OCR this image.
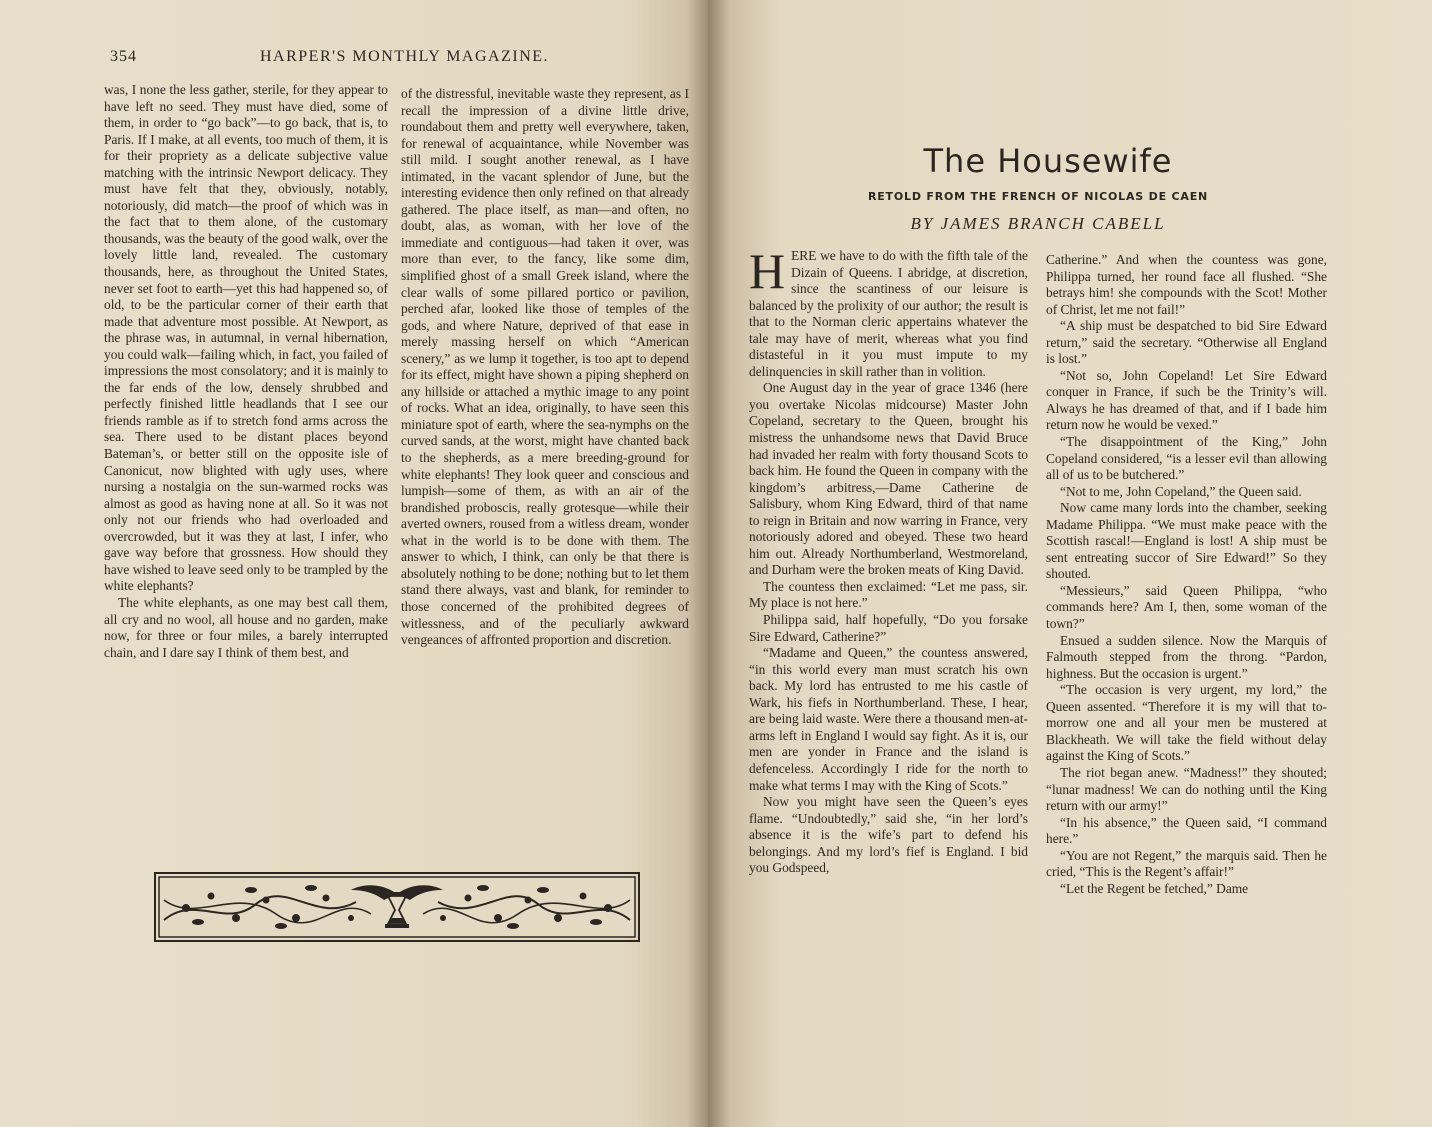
354	HARPER'S MONTHLY MAGAZINE.

was, I none the less gather, sterile, for they appear to have left no seed. They must have died, some of them, in order to “go back”—to go back, that is, to Paris. If I make, at all events, too much of them, it is for their propriety as a delicate subjective value matching with the intrinsic Newport delicacy. They must have felt that they, obviously, notably, notoriously, did match—the proof of which was in the fact that to them alone, of the customary thousands, was the beauty of the good walk, over the lovely little land, revealed. The customary thousands, here, as throughout the United States, never set foot to earth—yet this had happened so, of old, to be the particular corner of their earth that made that adventure most possible. At Newport, as the phrase was, in autumnal, in vernal hibernation, you could walk—failing which, in fact, you failed of impressions the most consolatory; and it is mainly to the far ends of the low, densely shrubbed and perfectly finished little headlands that I see our friends ramble as if to stretch fond arms across the sea. There used to be distant places beyond Bateman’s, or better still on the opposite isle of Canonicut, now blighted with ugly uses, where nursing a nostalgia on the sun-warmed rocks was almost as good as having none at all. So it was not only not our friends who had overloaded and overcrowded, but it was they at last, I infer, who gave way before that grossness. How should they have wished to leave seed only to be trampled by the white elephants?

The white elephants, as one may best call them, all cry and no wool, all house and no garden, make now, for three or four miles, a barely interrupted chain, and I dare say I think of them best, and

of the distressful, inevitable waste they represent, as I recall the impression of a divine little drive, roundabout them and pretty well everywhere, taken, for renewal of acquaintance, while November was still mild. I sought another renewal, as I have intimated, in the vacant splendor of June, but the interesting evidence then only refined on that already gathered. The place itself, as man—and often, no doubt, alas, as woman, with her love of the immediate and contiguous—had taken it over, was more than ever, to the fancy, like some dim, simplified ghost of a small Greek island, where the clear walls of some pillared portico or pavilion, perched afar, looked like those of temples of the gods, and where Nature, deprived of that ease in merely massing herself on which “American scenery,” as we lump it together, is too apt to depend for its effect, might have shown a piping shepherd on any hillside or attached a mythic image to any point of rocks. What an idea, originally, to have seen this miniature spot of earth, where the sea-nymphs on the curved sands, at the worst, might have chanted back to the shepherds, as a mere breeding-ground for white elephants! They look queer and conscious and lumpish—some of them, as with an air of the brandished proboscis, really grotesque—while their averted owners, roused from a witless dream, wonder what in the world is to be done with them. The answer to which, I think, can only be that there is absolutely nothing to be done; nothing but to let them stand there always, vast and blank, for reminder to those concerned of the prohibited degrees of witlessness, and of the peculiarly awkward vengeances of affronted proportion and discretion.

The Housewife
RETOLD FROM THE FRENCH OF NICOLAS DE CAEN
BY JAMES BRANCH CABELL

HERE we have to do with the fifth tale of the Dizain of Queens. I abridge, at discretion, since the scantiness of our leisure is balanced by the prolixity of our author; the result is that to the Norman cleric appertains whatever the tale may have of merit, whereas what you find distasteful in it you must impute to my delinquencies in skill rather than in volition.

One August day in the year of grace 1346 (here you overtake Nicolas midcourse) Master John Copeland, secretary to the Queen, brought his mistress the unhandsome news that David Bruce had invaded her realm with forty thousand Scots to back him. He found the Queen in company with the kingdom’s arbitress,—Dame Catherine de Salisbury, whom King Edward, third of that name to reign in Britain and now warring in France, very notoriously adored and obeyed. These two heard him out. Already Northumberland, Westmoreland, and Durham were the broken meats of King David.

The countess then exclaimed: “Let me pass, sir. My place is not here.”

Philippa said, half hopefully, “Do you forsake Sire Edward, Catherine?”

“Madame and Queen,” the countess answered, “in this world every man must scratch his own back. My lord has entrusted to me his castle of Wark, his fiefs in Northumberland. These, I hear, are being laid waste. Were there a thousand men-at-arms left in England I would say fight. As it is, our men are yonder in France and the island is defenceless. Accordingly I ride for the north to make what terms I may with the King of Scots.”

Now you might have seen the Queen’s eyes flame. “Undoubtedly,” said she, “in her lord’s absence it is the wife’s part to defend his belongings. And my lord’s fief is England. I bid you Godspeed,

Catherine.” And when the countess was gone, Philippa turned, her round face all flushed. “She betrays him! she compounds with the Scot! Mother of Christ, let me not fail!”

“A ship must be despatched to bid Sire Edward return,” said the secretary. “Otherwise all England is lost.”

“Not so, John Copeland! Let Sire Edward conquer in France, if such be the Trinity’s will. Always he has dreamed of that, and if I bade him return now he would be vexed.”

“The disappointment of the King,” John Copeland considered, “is a lesser evil than allowing all of us to be butchered.”

“Not to me, John Copeland,” the Queen said.

Now came many lords into the chamber, seeking Madame Philippa. “We must make peace with the Scottish rascal!—England is lost! A ship must be sent entreating succor of Sire Edward!” So they shouted.

“Messieurs,” said Queen Philippa, “who commands here? Am I, then, some woman of the town?”

Ensued a sudden silence. Now the Marquis of Falmouth stepped from the throng. “Pardon, highness. But the occasion is urgent.”

“The occasion is very urgent, my lord,” the Queen assented. “Therefore it is my will that to-morrow one and all your men be mustered at Blackheath. We will take the field without delay against the King of Scots.”

The riot began anew. “Madness!” they shouted; “lunar madness! We can do nothing until the King return with our army!”

“In his absence,” the Queen said, “I command here.”

“You are not Regent,” the marquis said. Then he cried, “This is the Regent’s affair!”

“Let the Regent be fetched,” Dame
